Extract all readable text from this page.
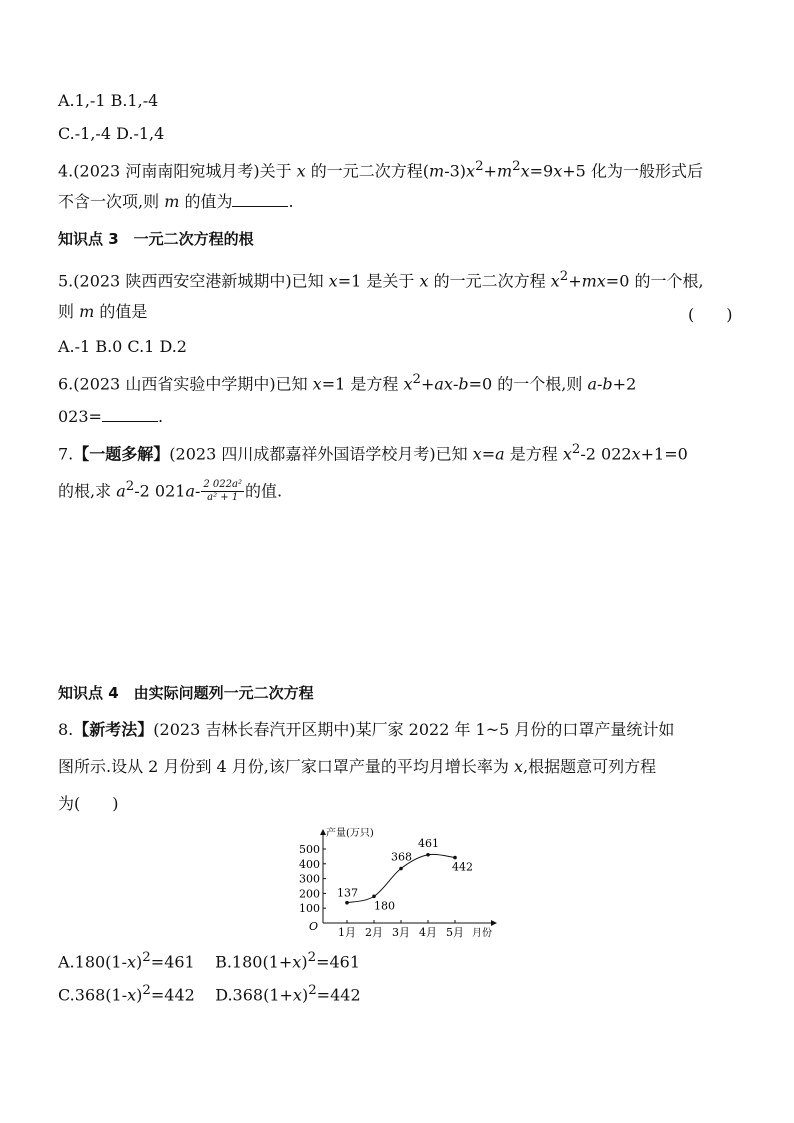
A.1,-1 B.1,-4
C.-1,-4 D.-1,4
4.(2023 河南南阳宛城月考)关于 x 的一元二次方程$(m-3)x^2+m^2x=9x+5$ 化为一般形式后
不含一次项,则 m 的值为	.
知识点 3　一元二次方程的根
5.(2023 陕西西安空港新城期中)已知 x=1 是关于 x 的一元二次方程 $x^2+mx=0$ 的一个根,
则 m 的值是	(　　)
A.-1 B.0 C.1 D.2
6.(2023 山西省实验中学期中)已知 x=1 是方程 $x^2+ax-b=0$ 的一个根,则 a-b+2
023=	.
7.【一题多解】(2023 四川成都嘉祥外国语学校月考)已知 x=a 是方程 $x^2-2$ 022x+1=0
的根,求 $a^2-2$ $021a- \frac{\text{2 022a²}}{\text{a² + 1}}$ 的值.
知识点 4　由实际问题列一元二次方程
8.【新考法】(2023 吉林长春汽开区期中)某厂家 2022 年 1~5 月份的口罩产量统计如
图所示.设从 2 月份到 4 月份,该厂家口罩产量的平均月增长率为 x,根据题意可列方程
为(　　)
产量(万只)
月份
O
100
200
300
400
500
1月 2月 3月 4月 5月
137
180
368
461
442
$A.180(1-x)^2=461$ $B.180(1+x)^2=461$
$C.368(1-x)^2=442$ $D.368(1+x)^2=442$
